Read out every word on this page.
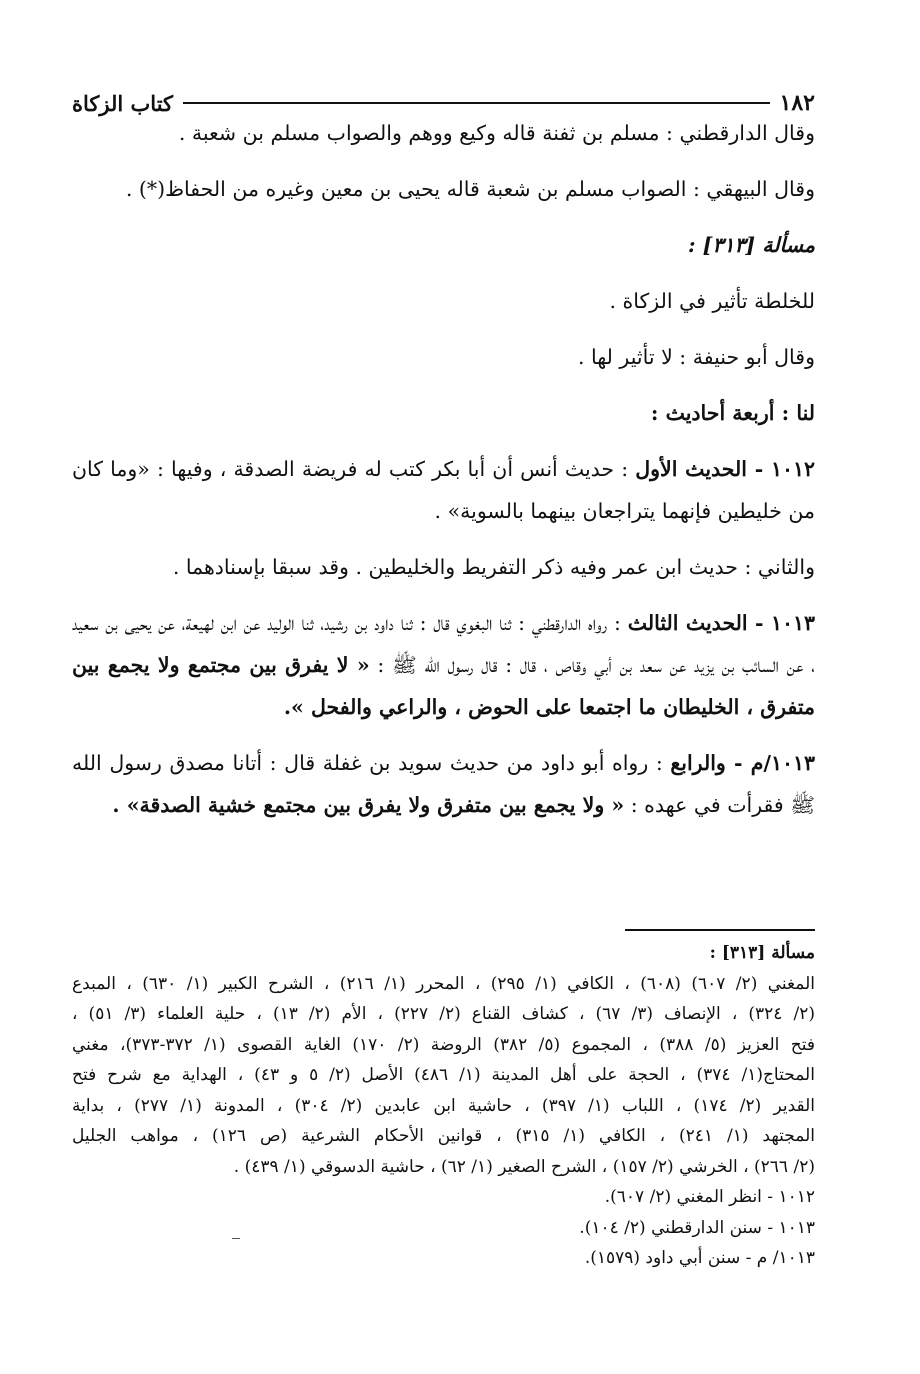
كتاب الزكاة	١٨٢

وقال الدارقطني : مسلم بن ثفنة قاله وكيع ووهم والصواب مسلم بن شعبة .

وقال البيهقي : الصواب مسلم بن شعبة قاله يحيى بن معين وغيره من الحفاظ(*) .

مسألة [٣١٣] :

للخلطة تأثير في الزكاة .

وقال أبو حنيفة : لا تأثير لها .

لنا : أربعة أحاديث :

١٠١٢ - الحديث الأول : حديث أنس أن أبا بكر كتب له فريضة الصدقة ، وفيها : «وما كان من خليطين فإنهما يتراجعان بينهما بالسوية» .

والثاني : حديث ابن عمر وفيه ذكر التفريط والخليطين . وقد سبقا بإسنادهما .

١٠١٣ - الحديث الثالث : رواه الدارقطني : ثنا البغوي قال : ثنا داود بن رشيد، ثنا الوليد عن ابن لهيعة، عن يحيى بن سعيد ، عن السائب بن يزيد عن سعد بن أبي وقاص ، قال : قال رسول الله ﷺ : « لا يفرق بين مجتمع ولا يجمع بين متفرق ، الخليطان ما اجتمعا على الحوض ، والراعي والفحل ».

١٠١٣/م - والرابع : رواه أبو داود من حديث سويد بن غفلة قال : أتانا مصدق رسول الله ﷺ فقرأت في عهده : « ولا يجمع بين متفرق ولا يفرق بين مجتمع خشية الصدقة» .

مسألة [٣١٣] :

المغني (٢/ ٦٠٧) (٦٠٨) ، الكافي (١/ ٢٩٥) ، المحرر (١/ ٢١٦) ، الشرح الكبير (١/ ٦٣٠) ، المبدع
(٢/ ٣٢٤) ، الإنصاف (٣/ ٦٧) ، كشاف القناع (٢/ ٢٢٧) ، الأم (٢/ ١٣) ، حلية العلماء (٣/ ٥١) ،
فتح العزيز (٥/ ٣٨٨) ، المجموع (٥/ ٣٨٢) الروضة (٢/ ١٧٠) الغاية القصوى (١/ ٣٧٢-٣٧٣)، مغني
المحتاج(١/ ٣٧٤) ، الحجة على أهل المدينة (١/ ٤٨٦) الأصل (٢/ ٥ و ٤٣) ، الهداية مع شرح فتح
القدير (٢/ ١٧٤) ، اللباب (١/ ٣٩٧) ، حاشية ابن عابدين (٢/ ٣٠٤) ، المدونة (١/ ٢٧٧) ، بداية
المجتهد (١/ ٢٤١) ، الكافي (١/ ٣١٥) ، قوانين الأحكام الشرعية (ص ١٢٦) ، مواهب الجليل
(٢/ ٢٦٦) ، الخرشي (٢/ ١٥٧) ، الشرح الصغير (١/ ٦٢) ، حاشية الدسوقي (١/ ٤٣٩) .

١٠١٢ - انظر المغني (٢/ ٦٠٧).

١٠١٣ - سنن الدارقطني (٢/ ١٠٤).

١٠١٣/ م - سنن أبي داود (١٥٧٩).
